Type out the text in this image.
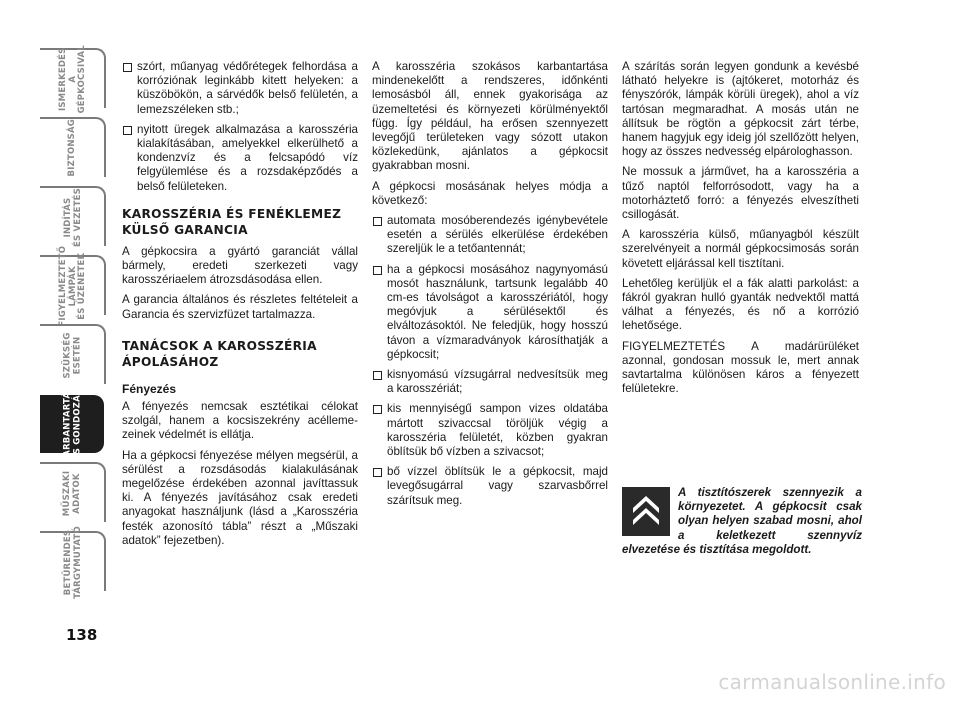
ISMERKEDÉS
A GÉPKOCSIVAL
BIZTONSÁG
INDÍTÁS
ÉS VEZETÉS
FIGYELMEZTETŐ
LÁMPÁK
ÉS ÜZENETEK
SZÜKSÉG
ESETÉN
KARBANTARTÁS
ÉS GONDOZÁS
MŰSZAKI
ADATOK
BETŰRENDES
TÁRGYMUTATÓ
138
szórt, műanyag védőrétegek felhordása a korróziónak leginkább kitett helyeken: a küszöbökön, a sárvédők belső felületén, a lemezszéleken stb.;
nyitott üregek alkalmazása a karosszéria kialakításában, amelyekkel elkerülhető a kondenzvíz és a felcsapódó víz felgyülemlése és a rozsdaképződés a belső felületeken.
KAROSSZÉRIA ÉS FENÉKLEMEZ KÜLSŐ GARANCIA

A gépkocsira a gyártó garanciát vállal bármely, eredeti szerkezeti vagy karosszériaelem átrozsdásodása ellen.

A garancia általános és részletes feltételeit a Garancia és szervizfüzet tartalmazza.

TANÁCSOK A KAROSSZÉRIA ÁPOLÁSÁHOZ
Fényezés

A fényezés nemcsak esztétikai célokat szolgál, hanem a kocsiszekrény acélleme-zeinek védelmét is ellátja.

Ha a gépkocsi fényezése mélyen megsérül, a sérülést a rozsdásodás kialakulásának megelőzése érdekében azonnal javíttassuk ki. A fényezés javításához csak eredeti anyagokat használjunk (lásd a „Karosszéria festék azonosító tábla” részt a „Műszaki adatok” fejezetben).

A karosszéria szokásos karbantartása mindenekelőtt a rendszeres, időnkénti lemosásból áll, ennek gyakorisága az üzemeltetési és környezeti körülményektől függ. Így például, ha erősen szennyezett levegőjű területeken vagy sózott utakon közlekedünk, ajánlatos a gépkocsit gyakrabban mosni.

A gépkocsi mosásának helyes módja a következő:

automata mosóberendezés igénybevétele esetén a sérülés elkerülése érdekében szereljük le a tetőantennát;
ha a gépkocsi mosásához nagynyomású mosót használunk, tartsunk legalább 40 cm-es távolságot a karosszériától, hogy megóvjuk a sérülésektől és elváltozásoktól. Ne feledjük, hogy hosszú távon a vízmaradványok károsíthatják a gépkocsit;
kisnyomású vízsugárral nedvesítsük meg a karosszériát;
kis mennyiségű sampon vizes oldatába mártott szivaccsal töröljük végig a karosszéria felületét, közben gyakran öblítsük bő vízben a szivacsot;
bő vízzel öblítsük le a gépkocsit, majd levegősugárral vagy szarvasbőrrel szárítsuk meg.

A szárítás során legyen gondunk a kevésbé látható helyekre is (ajtókeret, motorház és fényszórók, lámpák körüli üregek), ahol a víz tartósan megmaradhat. A mosás után ne állítsuk be rögtön a gépkocsit zárt térbe, hanem hagyjuk egy ideig jól szellőzött helyen, hogy az összes nedvesség elpárologhasson.

Ne mossuk a járművet, ha a karosszéria a tűző naptól felforrósodott, vagy ha a motorháztető forró: a fényezés elveszítheti csillogását.

A karosszéria külső, műanyagból készült szerelvényeit a normál gépkocsimosás során követett eljárással kell tisztítani.

Lehetőleg kerüljük el a fák alatti parkolást: a fákról gyakran hulló gyanták nedvektől mattá válhat a fényezés, és nő a korrózió lehetősége.

FIGYELMEZTETÉS A madárürüléket azonnal, gondosan mossuk le, mert annak savtartalma különösen káros a fényezett felületekre.

A tisztítószerek szennyezik a környezetet. A gépkocsit csak olyan helyen szabad mosni, ahol a keletkezett szennyvíz elvezetése és tisztítása megoldott.

carmanualsonline.info
